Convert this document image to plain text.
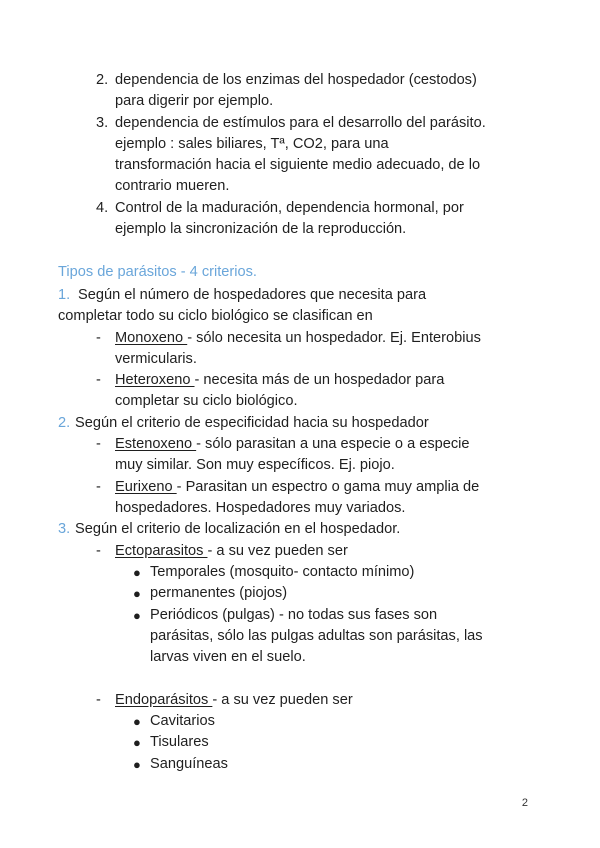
2. dependencia de los enzimas del hospedador (cestodos)
para digerir por ejemplo.
3. dependencia de estímulos para el desarrollo del parásito.
ejemplo : sales biliares, Tª, CO2, para una
transformación hacia el siguiente medio adecuado, de lo
contrario mueren.
4. Control de la maduración, dependencia hormonal, por
ejemplo la sincronización de la reproducción.
Tipos de parásitos - 4 criterios.
1. Según el número de hospedadores que necesita para
completar todo su ciclo biológico se clasifican en
- Monoxeno - sólo necesita un hospedador. Ej. Enterobius
vermicularis.
- Heteroxeno - necesita más de un hospedador para
completar su ciclo biológico.
2. Según el criterio de especificidad hacia su hospedador
- Estenoxeno - sólo parasitan a una especie o a especie
muy similar. Son muy específicos. Ej. piojo.
- Eurixeno - Parasitan un espectro o gama muy amplia de
hospedadores. Hospedadores muy variados.
3. Según el criterio de localización en el hospedador.
- Ectoparasitos - a su vez pueden ser
● Temporales (mosquito- contacto mínimo)
● permanentes (piojos)
● Periódicos (pulgas) - no todas sus fases son
parásitas, sólo las pulgas adultas son parásitas, las
larvas viven en el suelo.
- Endoparásitos - a su vez pueden ser
● Cavitarios
● Tisulares
● Sanguíneas
2
